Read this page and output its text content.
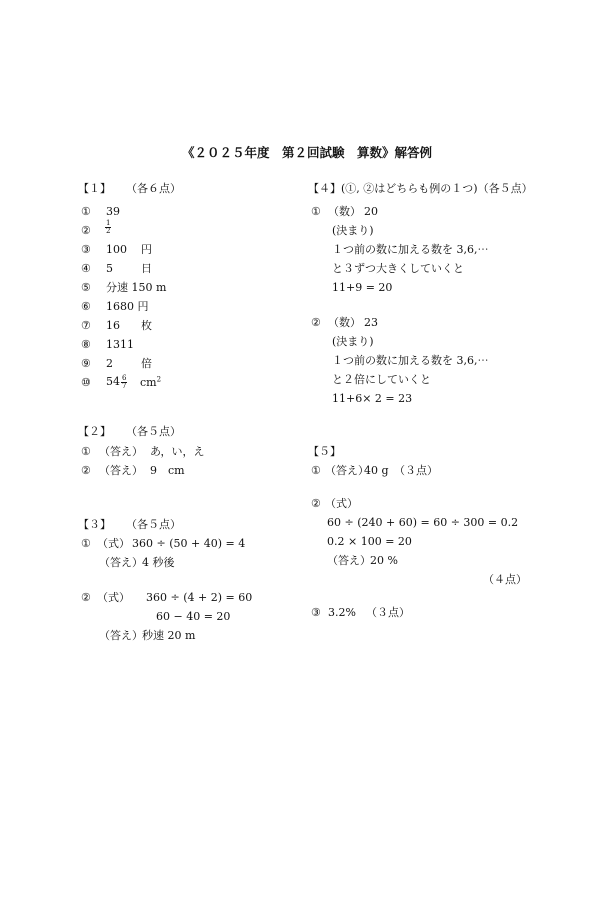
《２０２５年度　第２回試験　算数》解答例
【１】 （各６点）
① 39
② $\frac{1}{2}$
③ 100 円
④ 5	日
⑤ 分速 150 m
⑥ 1680 円
⑦ 16 枚
⑧ 1311
⑨ 2	倍
⑩ $54 \frac{6}{7} cm^2$
【２】 （各５点）
① （答え） あ，い，え
② （答え） 9　cm
【３】 （各５点）
① （式） 360 ÷ (50 + 40) = 4
（答え） 4 秒後
② （式） 360 ÷ (4 + 2) = 60
60 − 40 = 20
（答え） 秒速 20 m
【４】(①, ②はどちらも例の１つ)（各５点）
① （数） 20
(決まり)
１つ前の数に加える数を 3,6,⋯
と３ずつ大きくしていくと
11+9 = 20
② （数） 23
(決まり)
１つ前の数に加える数を 3,6,⋯
と２倍にしていくと
11+6× 2 = 23
【５】
① （答え）
40 g （３点）
② （式）
60 ÷ (240 + 60) = 60 ÷ 300 = 0.2
0.2 × 100 = 20
（答え） 20 %
（４点）
③ 3.2% （３点）
